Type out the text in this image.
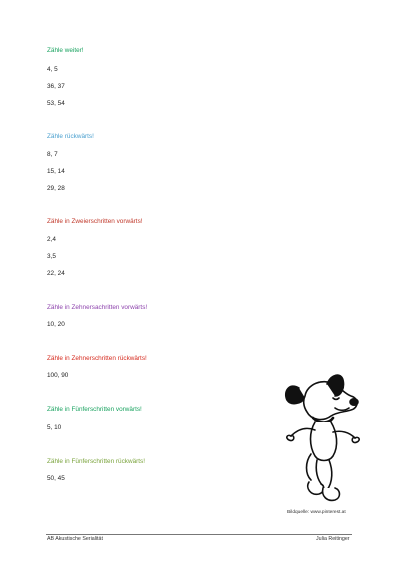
Zähle weiter!
4, 5
36, 37
53, 54
Zähle rückwärts!
8, 7
15, 14
29, 28
Zähle in Zweierschritten vorwärts!
2,4
3,5
22, 24
Zähle in Zehnersachritten vorwärts!
10, 20
Zähle in Zehnerschritten rückwärts!
100, 90
Zähle in Fünferschritten vorwärts!
5, 10
Zähle in Fünferschritten rückwärts!
50, 45
Bildquelle: www.pinterest.at
AB Akustische Serialität	Julia Reitinger
